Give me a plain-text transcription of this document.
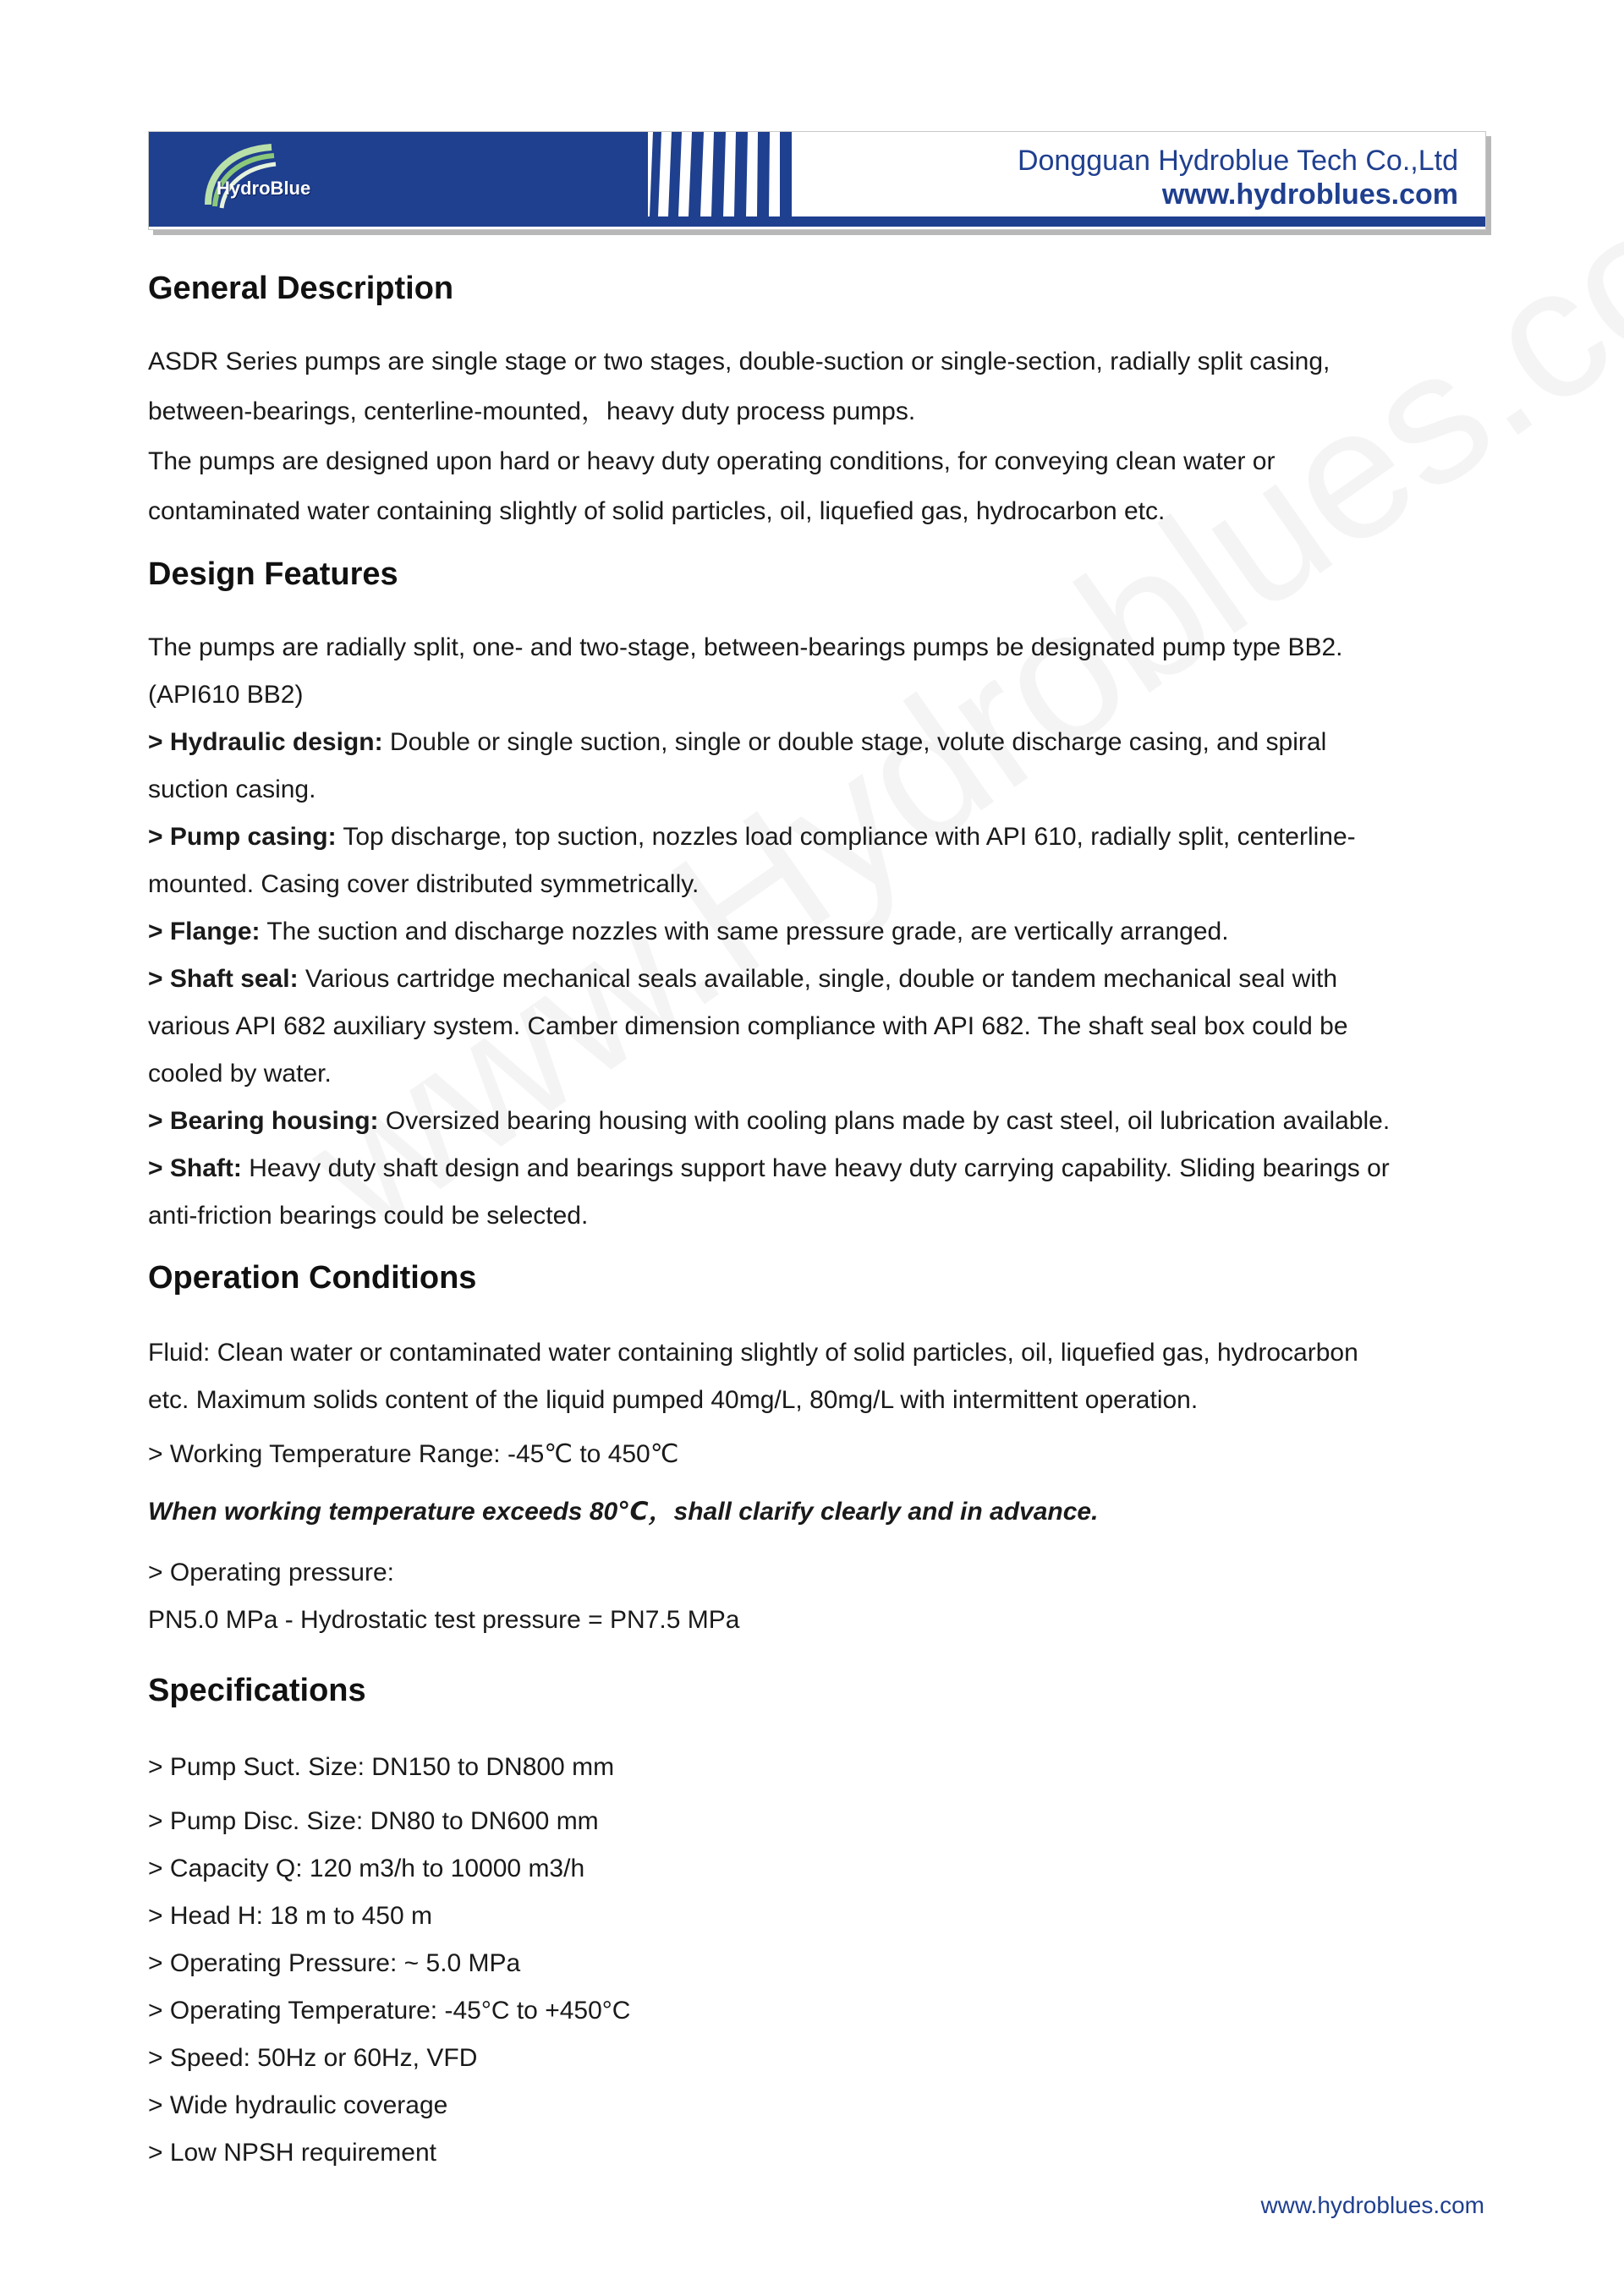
HydroBlue
Dongguan Hydroblue Tech Co.,Ltd
www.hydroblues.com
General Description

ASDR Series pumps are single stage or two stages, double-suction or single-section, radially split casing,

between-bearings, centerline-mounted，heavy duty process pumps.

The pumps are designed upon hard or heavy duty operating conditions, for conveying clean water or

contaminated water containing slightly of solid particles, oil, liquefied gas, hydrocarbon etc.

Design Features

The pumps are radially split, one- and two-stage, between-bearings pumps be designated pump type BB2.

(API610 BB2)

> Hydraulic design: Double or single suction, single or double stage, volute discharge casing, and spiral

suction casing.

> Pump casing: Top discharge, top suction, nozzles load compliance with API 610, radially split, centerline-

mounted. Casing cover distributed symmetrically.

> Flange: The suction and discharge nozzles with same pressure grade, are vertically arranged.

> Shaft seal: Various cartridge mechanical seals available, single, double or tandem mechanical seal with

various API 682 auxiliary system. Camber dimension compliance with API 682. The shaft seal box could be

cooled by water.

> Bearing housing: Oversized bearing housing with cooling plans made by cast steel, oil lubrication available.

> Shaft: Heavy duty shaft design and bearings support have heavy duty carrying capability. Sliding bearings or

anti-friction bearings could be selected.

Operation Conditions

Fluid: Clean water or contaminated water containing slightly of solid particles, oil, liquefied gas, hydrocarbon

etc. Maximum solids content of the liquid pumped 40mg/L, 80mg/L with intermittent operation.

> Working Temperature Range: -45℃ to 450℃

When working temperature exceeds 80℃，shall clarify clearly and in advance.

> Operating pressure:

PN5.0 MPa - Hydrostatic test pressure = PN7.5 MPa

Specifications

> Pump Suct. Size: DN150 to DN800 mm

> Pump Disc. Size: DN80 to DN600 mm

> Capacity Q: 120 m3/h to 10000 m3/h

> Head H: 18 m to 450 m

> Operating Pressure: ~ 5.0 MPa

> Operating Temperature: -45°C to +450°C

> Speed: 50Hz or 60Hz, VFD

> Wide hydraulic coverage

> Low NPSH requirement

www.hydroblues.com
